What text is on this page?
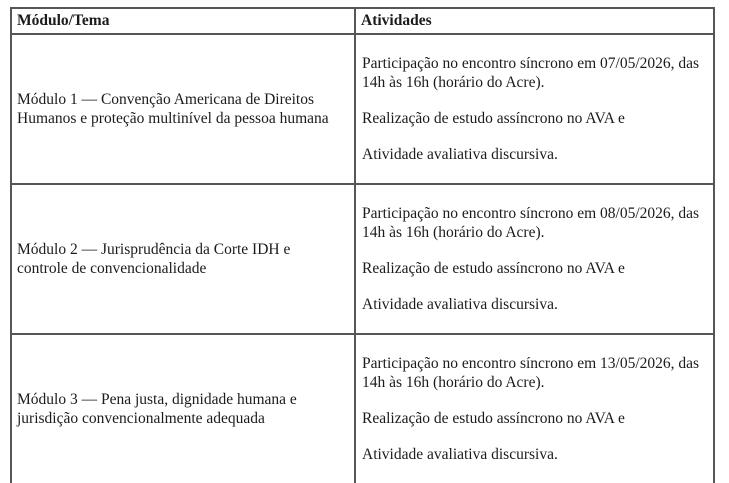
Módulo/Tema	Atividades
Módulo 1 — Convenção Americana de Direitos Humanos e proteção multinível da pessoa humana	Participação no encontro síncrono em 07/05/2026, das 14h às 16h (horário do Acre).

Realização de estudo assíncrono no AVA e

Atividade avaliativa discursiva.

Módulo 2 — Jurisprudência da Corte IDH e controle de convencionalidade	Participação no encontro síncrono em 08/05/2026, das 14h às 16h (horário do Acre).

Realização de estudo assíncrono no AVA e

Atividade avaliativa discursiva.

Módulo 3 — Pena justa, dignidade humana e jurisdição convencionalmente adequada	Participação no encontro síncrono em 13/05/2026, das 14h às 16h (horário do Acre).

Realização de estudo assíncrono no AVA e

Atividade avaliativa discursiva.
